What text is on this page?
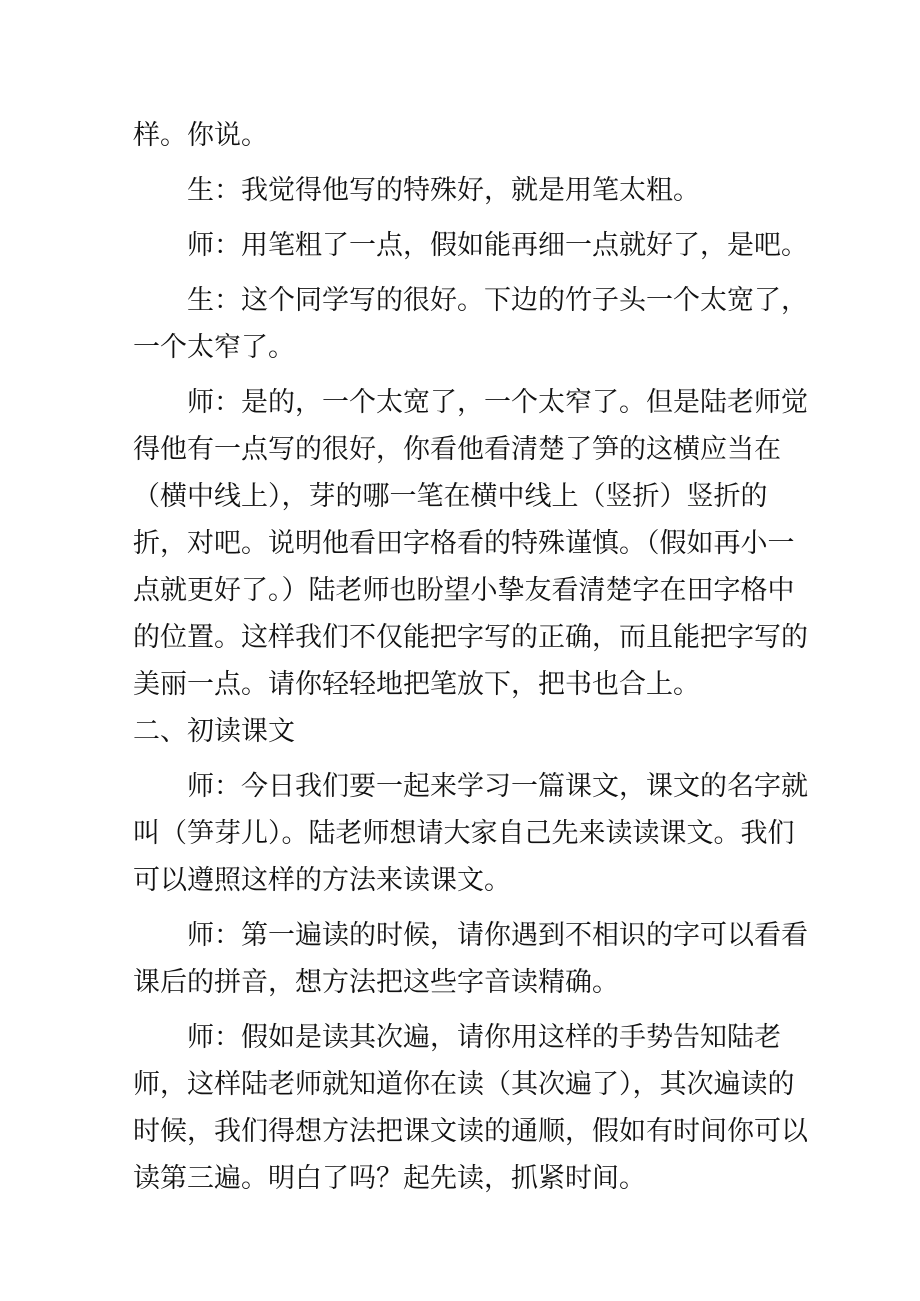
样。你说。

生：我觉得他写的特殊好，就是用笔太粗。

师：用笔粗了一点，假如能再细一点就好了，是吧。

生：这个同学写的很好。下边的竹子头一个太宽了，一个太窄了。

师：是的，一个太宽了，一个太窄了。但是陆老师觉得他有一点写的很好，你看他看清楚了笋的这横应当在（横中线上），芽的哪一笔在横中线上（竖折）竖折的折，对吧。说明他看田字格看的特殊谨慎。（假如再小一点就更好了。）陆老师也盼望小挚友看清楚字在田字格中的位置。这样我们不仅能把字写的正确，而且能把字写的美丽一点。请你轻轻地把笔放下，把书也合上。

二、初读课文

师：今日我们要一起来学习一篇课文，课文的名字就叫（笋芽儿）。陆老师想请大家自己先来读读课文。我们可以遵照这样的方法来读课文。

师：第一遍读的时候，请你遇到不相识的字可以看看课后的拼音，想方法把这些字音读精确。

师：假如是读其次遍，请你用这样的手势告知陆老师，这样陆老师就知道你在读（其次遍了），其次遍读的时候，我们得想方法把课文读的通顺，假如有时间你可以读第三遍。明白了吗？起先读，抓紧时间。
